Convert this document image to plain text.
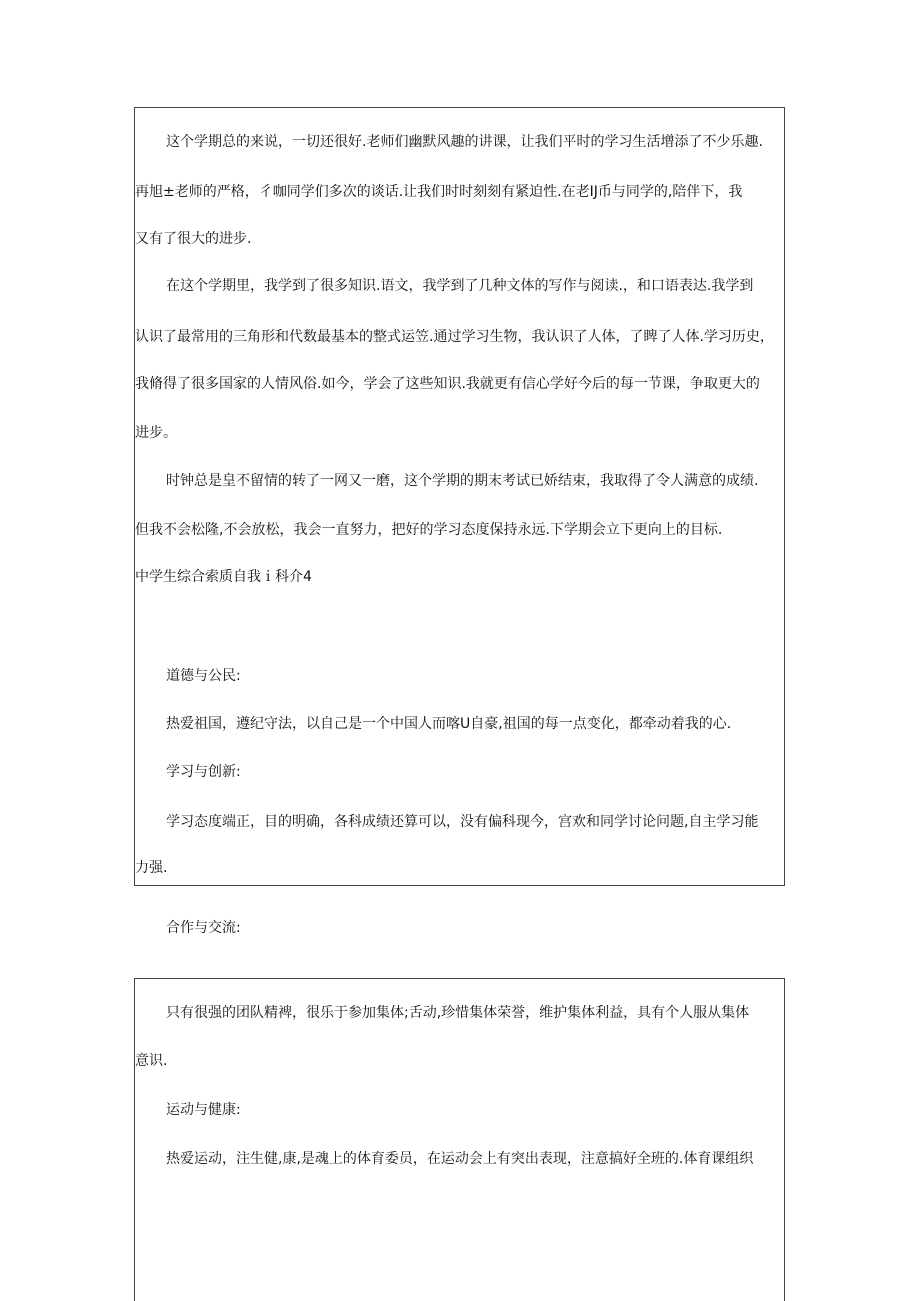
这个学期总的来说，一切还很好.老师们幽默风趣的讲课，让我们平时的学习生活增添了不少乐趣.
再旭±老师的严格，彳咖同学们多次的谈话.让我们时时刻刻有紧迫性.在老IJ币与同学的,陪伴下，我
又有了很大的进步.
在这个学期里，我学到了很多知识.语文，我学到了几种文体的写作与阅读.，和口语表达.我学到
认识了最常用的三角形和代数最基本的整式运笠.通过学习生物，我认识了人体，了睥了人体.学习历史，
我脩得了很多国家的人情风俗.如今，学会了这些知识.我就更有信心学好今后的每一节课，争取更大的
进步。
时钟总是皇不留情的转了一网又一磨，这个学期的期末考试已娇结束，我取得了令人满意的成绩.
但我不会松隆,不会放松，我会一直努力，把好的学习态度保持永远.下学期会立下更向上的目标.
中学生综合索质自我ｉ科介4
道德与公民:
热爱祖国，遵纪守法，以自己是一个中国人而喀U自豪,祖国的每一点变化，都牵动着我的心.
学习与创新:
学习态度端正，目的明确，各科成绩还算可以，没有偏科现今，宫欢和同学讨论问题,自主学习能
力强.
合作与交流:
只有很强的团队精裨，很乐于参加集体;舌动,珍惜集体荣誉，维护集体利益，具有个人服从集体
意识.
运动与健康:
热爱运动，注生健,康,是魂上的体育委员，在运动会上有突出表现，注意搞好全班的.体育课组织
